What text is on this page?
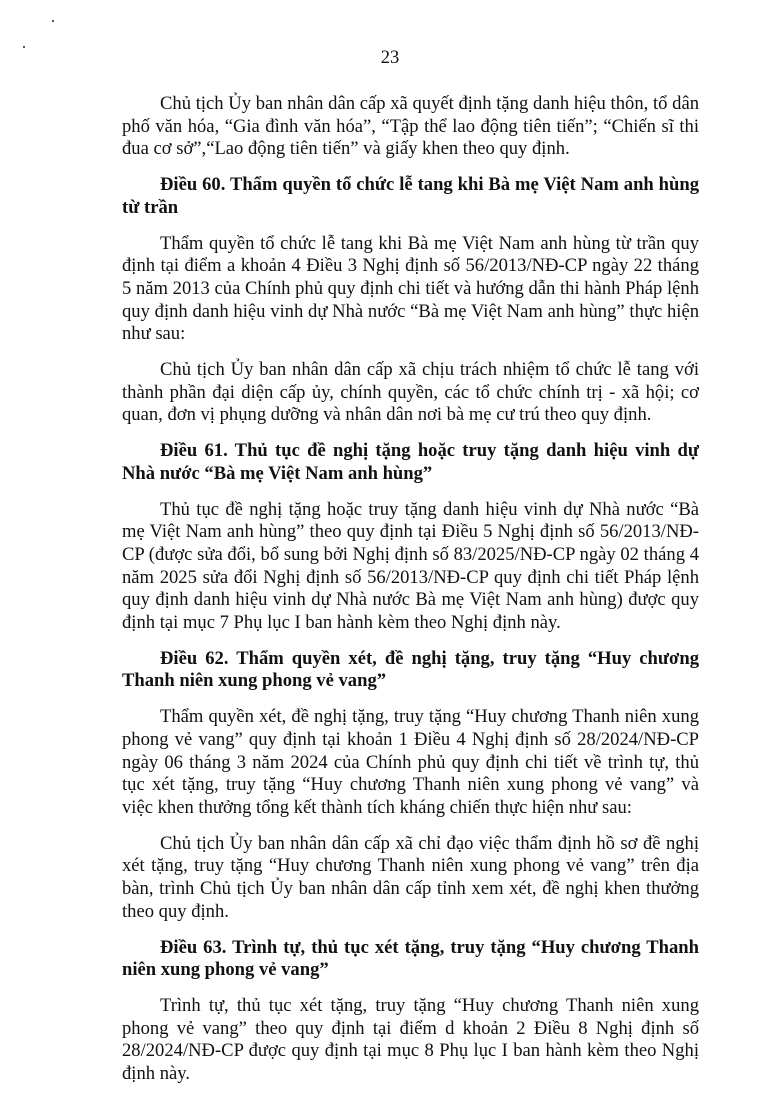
23

Chủ tịch Ủy ban nhân dân cấp xã quyết định tặng danh hiệu thôn, tổ dân phố văn hóa, “Gia đình văn hóa”, “Tập thể lao động tiên tiến”; “Chiến sĩ thi đua cơ sở”,“Lao động tiên tiến” và giấy khen theo quy định.

Điều 60. Thẩm quyền tổ chức lễ tang khi Bà mẹ Việt Nam anh hùng từ trần

Thẩm quyền tổ chức lễ tang khi Bà mẹ Việt Nam anh hùng từ trần quy định tại điểm a khoản 4 Điều 3 Nghị định số 56/2013/NĐ-CP ngày 22 tháng 5 năm 2013 của Chính phủ quy định chi tiết và hướng dẫn thi hành Pháp lệnh quy định danh hiệu vinh dự Nhà nước “Bà mẹ Việt Nam anh hùng” thực hiện như sau:

Chủ tịch Ủy ban nhân dân cấp xã chịu trách nhiệm tổ chức lễ tang với thành phần đại diện cấp ủy, chính quyền, các tổ chức chính trị - xã hội; cơ quan, đơn vị phụng dưỡng và nhân dân nơi bà mẹ cư trú theo quy định.

Điều 61. Thủ tục đề nghị tặng hoặc truy tặng danh hiệu vinh dự Nhà nước “Bà mẹ Việt Nam anh hùng”

Thủ tục đề nghị tặng hoặc truy tặng danh hiệu vinh dự Nhà nước “Bà mẹ Việt Nam anh hùng” theo quy định tại Điều 5 Nghị định số 56/2013/NĐ-CP (được sửa đổi, bổ sung bởi Nghị định số 83/2025/NĐ-CP ngày 02 tháng 4 năm 2025 sửa đổi Nghị định số 56/2013/NĐ-CP quy định chi tiết Pháp lệnh quy định danh hiệu vinh dự Nhà nước Bà mẹ Việt Nam anh hùng) được quy định tại mục 7 Phụ lục I ban hành kèm theo Nghị định này.

Điều 62. Thẩm quyền xét, đề nghị tặng, truy tặng “Huy chương Thanh niên xung phong vẻ vang”

Thẩm quyền xét, đề nghị tặng, truy tặng “Huy chương Thanh niên xung phong vẻ vang” quy định tại khoản 1 Điều 4 Nghị định số 28/2024/NĐ-CP ngày 06 tháng 3 năm 2024 của Chính phủ quy định chi tiết về trình tự, thủ tục xét tặng, truy tặng “Huy chương Thanh niên xung phong vẻ vang” và việc khen thưởng tổng kết thành tích kháng chiến thực hiện như sau:

Chủ tịch Ủy ban nhân dân cấp xã chỉ đạo việc thẩm định hồ sơ đề nghị xét tặng, truy tặng “Huy chương Thanh niên xung phong vẻ vang” trên địa bàn, trình Chủ tịch Ủy ban nhân dân cấp tỉnh xem xét, đề nghị khen thưởng theo quy định.

Điều 63. Trình tự, thủ tục xét tặng, truy tặng “Huy chương Thanh niên xung phong vẻ vang”

Trình tự, thủ tục xét tặng, truy tặng “Huy chương Thanh niên xung phong vẻ vang” theo quy định tại điểm d khoản 2 Điều 8 Nghị định số 28/2024/NĐ-CP được quy định tại mục 8 Phụ lục I ban hành kèm theo Nghị định này.
